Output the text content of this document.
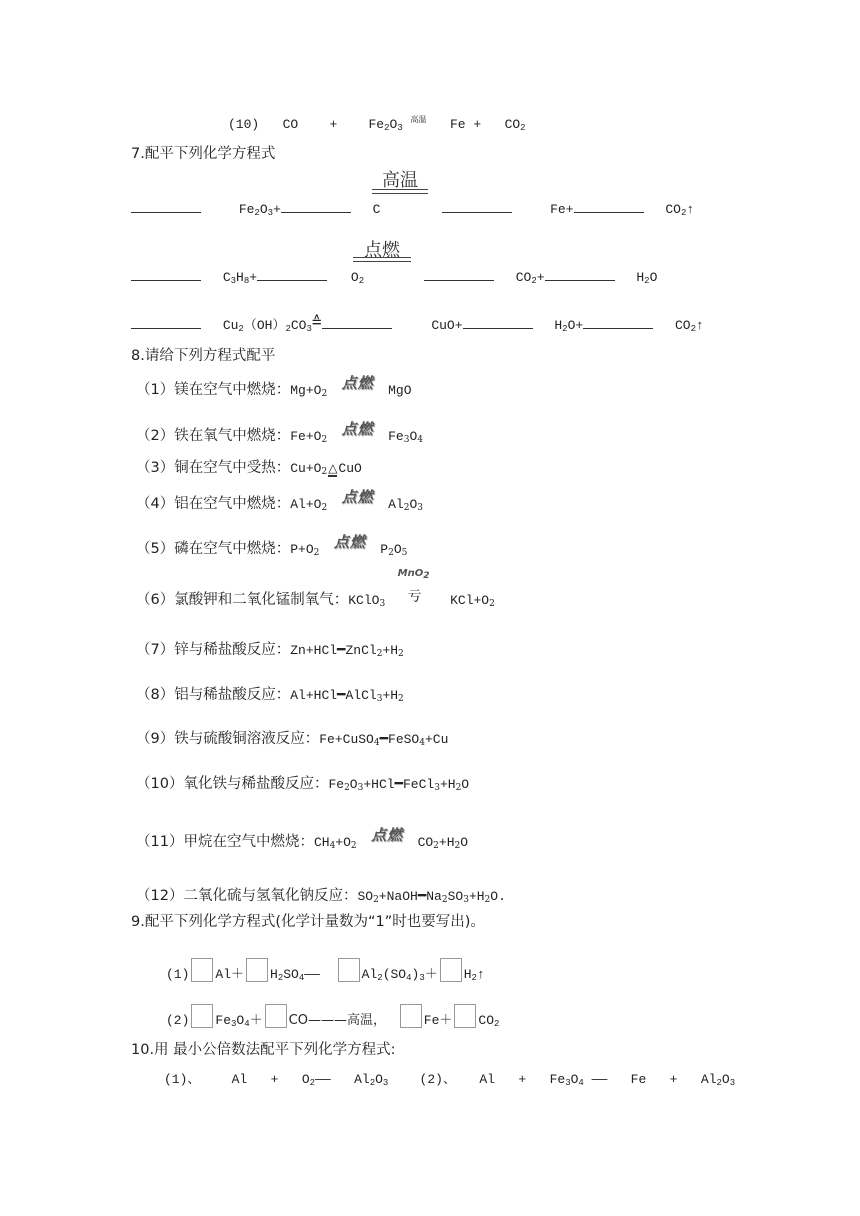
(10) CO + $Fe_2O_3$ $^{高温}$ $Fe + CO_2$
7.配平下列化学方程式
高温
$Fe_2O_3+$	C	Fe+	$CO_2↑$
点燃
$C_3H_8+$	$O_2$	$CO_2+$	$H_2O$
$Cu_2(OH)_2CO_3≙$	CuO+	$H_2O+$	$CO_2↑$
8.请给下列方程式配平
（1）镁在空气中燃烧：$Mg+O_2$ 点燃 MgO
（2）铁在氧气中燃烧：$Fe+O_2$ 点燃 $Fe_3O_4$
（3）铜在空气中受热：$Cu+O_2\triangle CuO$
（4）铝在空气中燃烧：$Al+O_2$ 点燃 $Al_2O_3$
（5）磷在空气中燃烧：$P+O_2$ 点燃 $P_2O_5$
（6）氯酸钾和二氧化锰制氧气：KClO$_3$
MnO$_2$
亏 $KCl+O_2$
（7）锌与稀盐酸反应：$Zn+HCl━ZnCl_2+H_2$
（8）铝与稀盐酸反应：$Al+HCl━AlCl_3+H_2$
（9）铁与硫酸铜溶液反应：Fe+CuSO$_4$━FeSO$_4$+Cu
（10）氧化铁与稀盐酸反应：$Fe_2O_3+HCl━FeCl_3+H_2O$
（11）甲烷在空气中燃烧：$CH_4+O_2$ 点燃 $CO_2+H_2O$
（12）二氧化硫与氢氧化钠反应：$SO_2+NaOH━Na_2SO_3+H_2O$.
9.配平下列化学方程式(化学计量数为“1”时也要写出)。
(1) $Al+ H_2SO_4——$	$Al_2(SO_4)_3+$ $H_2↑$
(2) $Fe_3O_4+$ CO———高温，	$Fe+ CO_2$
10.用 最小公倍数法配平下列化学方程式:
(1)、 $Al + O_2——$ $Al_2O_3$ (2)、 $Al + Fe_3O_4$ —— $Fe + Al_2O_3$
